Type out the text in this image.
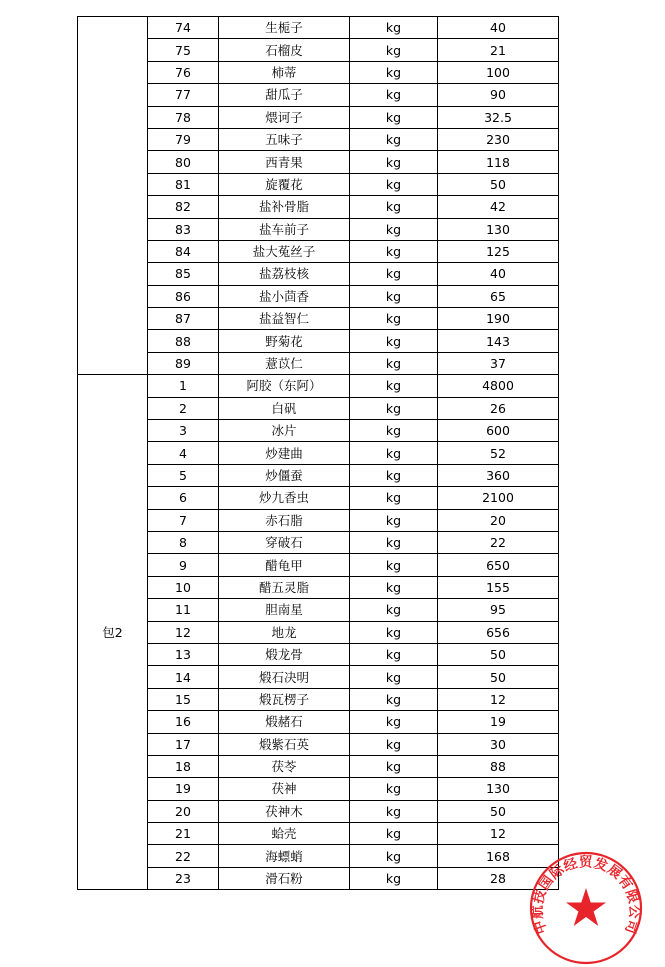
	74	生栀子	kg	40
	75	石榴皮	kg	21
	76	柿蒂	kg	100
	77	甜瓜子	kg	90
	78	煨诃子	kg	32.5
	79	五味子	kg	230
	80	西青果	kg	118
	81	旋覆花	kg	50
	82	盐补骨脂	kg	42
	83	盐车前子	kg	130
	84	盐大菟丝子	kg	125
	85	盐荔枝核	kg	40
	86	盐小茴香	kg	65
	87	盐益智仁	kg	190
	88	野菊花	kg	143
	89	薏苡仁	kg	37
包2	1	阿胶（东阿）	kg	4800
	2	白矾	kg	26
	3	冰片	kg	600
	4	炒建曲	kg	52
	5	炒僵蚕	kg	360
	6	炒九香虫	kg	2100
	7	赤石脂	kg	20
	8	穿破石	kg	22
	9	醋龟甲	kg	650
	10	醋五灵脂	kg	155
	11	胆南星	kg	95
	12	地龙	kg	656
	13	煅龙骨	kg	50
	14	煅石决明	kg	50
	15	煅瓦楞子	kg	12
	16	煅赭石	kg	19
	17	煅紫石英	kg	30
	18	茯苓	kg	88
	19	茯神	kg	130
	20	茯神木	kg	50
	21	蛤壳	kg	12
	22	海螵蛸	kg	168
	23	滑石粉	kg	28
中航技国际经贸发展有限公司
